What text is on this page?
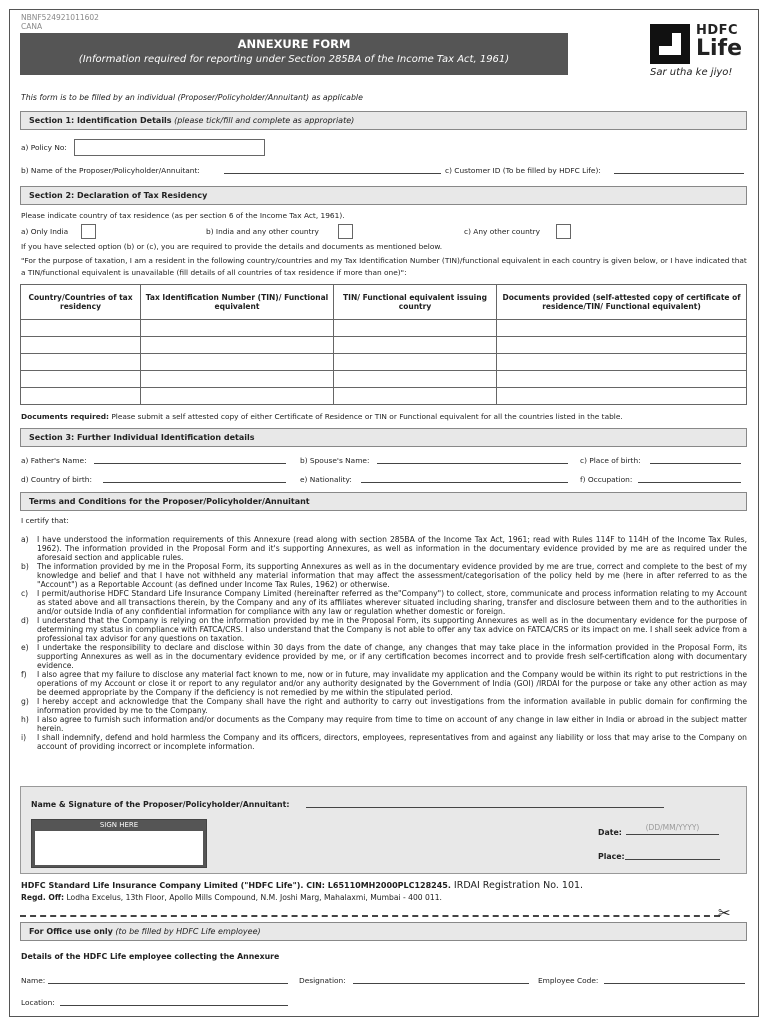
NBNF524921011602
CANA
ANNEXURE FORM
(Information required for reporting under Section 285BA of the Income Tax Act, 1961)
HDFC
Life
Sar utha ke jiyo!
This form is to be filled by an individual (Proposer/Policyholder/Annuitant) as applicable
Section 1: Identification Details (please tick/fill and complete as appropriate)
a) Policy No:
b) Name of the Proposer/Policyholder/Annuitant:	c) Customer ID (To be filled by HDFC Life):
Section 2: Declaration of Tax Residency
Please indicate country of tax residence (as per section 6 of the Income Tax Act, 1961).
a) Only India	b) India and any other country	c) Any other country
If you have selected option (b) or (c), you are required to provide the details and documents as mentioned below.
"For the purpose of taxation, I am a resident in the following country/countries and my Tax Identification Number (TIN)/functional equivalent in each country is given below, or I have indicated that a TIN/functional equivalent is unavailable (fill details of all countries of tax residence if more than one)":
Country/Countries of tax residency	Tax Identification Number (TIN)/ Functional equivalent	TIN/ Functional equivalent issuing country	Documents provided (self-attested copy of certificate of residence/TIN/ Functional equivalent)

Documents required: Please submit a self attested copy of either Certificate of Residence or TIN or Functional equivalent for all the countries listed in the table.
Section 3: Further Individual Identification details
a) Father's Name:	b) Spouse's Name:	c) Place of birth:
d) Country of birth:	e) Nationality:	f) Occupation:
Terms and Conditions for the Proposer/Policyholder/Annuitant
I certify that:
a)	I have understood the information requirements of this Annexure (read along with section 285BA of the Income Tax Act, 1961; read with Rules 114F to 114H of the Income Tax Rules, 1962). The information provided in the Proposal Form and it's supporting Annexures, as well as information in the documentary evidence provided by me are as required under the aforesaid section and applicable rules.
b)	The information provided by me in the Proposal Form, its supporting Annexures as well as in the documentary evidence provided by me are true, correct and complete to the best of my knowledge and belief and that I have not withheld any material information that may affect the assessment/categorisation of the policy held by me (here in after referred to as the "Account") as a Reportable Account (as defined under Income Tax Rules, 1962) or otherwise.
c)	I permit/authorise HDFC Standard Life Insurance Company Limited (hereinafter referred as the"Company") to collect, store, communicate and process information relating to my Account as stated above and all transactions therein, by the Company and any of its affiliates wherever situated including sharing, transfer and disclosure between them and to the authorities in and/or outside India of any confidential information for compliance with any law or regulation whether domestic or foreign.
d)	I understand that the Company is relying on the information provided by me in the Proposal Form, its supporting Annexures as well as in the documentary evidence for the purpose of determining my status in compliance with FATCA/CRS. I also understand that the Company is not able to offer any tax advice on FATCA/CRS or its impact on me. I shall seek advice from a professional tax advisor for any questions on taxation.
e)	I undertake the responsibility to declare and disclose within 30 days from the date of change, any changes that may take place in the information provided in the Proposal Form, its supporting Annexures as well as in the documentary evidence provided by me, or if any certification becomes incorrect and to provide fresh self-certification along with documentary evidence.
f)	I also agree that my failure to disclose any material fact known to me, now or in future, may invalidate my application and the Company would be within its right to put restrictions in the operations of my Account or close it or report to any regulator and/or any authority designated by the Government of India (GOI) /IRDAI for the purpose or take any other action as may be deemed appropriate by the Company if the deficiency is not remedied by me within the stipulated period.
g)	I hereby accept and acknowledge that the Company shall have the right and authority to carry out investigations from the information available in public domain for confirming the information provided by me to the Company.
h)	I also agree to furnish such information and/or documents as the Company may require from time to time on account of any change in law either in India or abroad in the subject matter herein.
i)	I shall indemnify, defend and hold harmless the Company and its officers, directors, employees, representatives from and against any liability or loss that may arise to the Company on account of providing incorrect or incomplete information.
Name & Signature of the Proposer/Policyholder/Annuitant:
SIGN HERE
Date:
(DD/MM/YYYY)
Place:
HDFC Standard Life Insurance Company Limited ("HDFC Life"). CIN: L65110MH2000PLC128245. IRDAI Registration No. 101.
Regd. Off: Lodha Excelus, 13th Floor, Apollo Mills Compound, N.M. Joshi Marg, Mahalaxmi, Mumbai - 400 011.
✂
For Office use only (to be filled by HDFC Life employee)
Details of the HDFC Life employee collecting the Annexure
Name:	Designation:	Employee Code:
Location:
